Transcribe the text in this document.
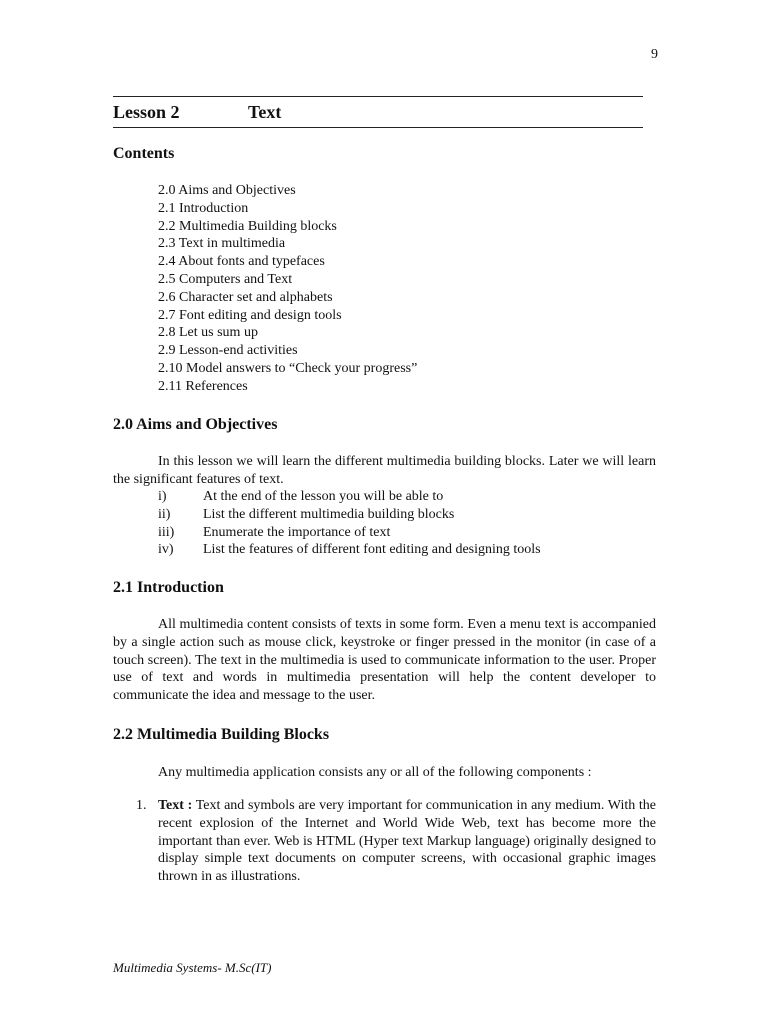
9
Lesson 2	Text
Contents
2.0 Aims and Objectives
2.1 Introduction
2.2 Multimedia Building blocks
2.3 Text in multimedia
2.4 About fonts and typefaces
2.5 Computers and Text
2.6 Character set and alphabets
2.7 Font editing and design tools
2.8 Let us sum up
2.9 Lesson-end activities
2.10 Model answers to “Check your progress”
2.11 References
2.0 Aims and Objectives

In this lesson we will learn the different multimedia building blocks. Later we will learn the significant features of text.

i)	At the end of the lesson you will be able to
ii) List the different multimedia building blocks
iii) Enumerate the importance of text
iv) List the features of different font editing and designing tools
2.1 Introduction

All multimedia content consists of texts in some form. Even a menu text is accompanied by a single action such as mouse click, keystroke or finger pressed in the monitor (in case of a touch screen). The text in the multimedia is used to communicate information to the user. Proper use of text and words in multimedia presentation will help the content developer to communicate the idea and message to the user.

2.2 Multimedia Building Blocks

Any multimedia application consists any or all of the following components :

1. Text : Text and symbols are very important for communication in any medium. With the recent explosion of the Internet and World Wide Web, text has become more the important than ever. Web is HTML (Hyper text Markup language) originally designed to display simple text documents on computer screens, with occasional graphic images thrown in as illustrations.
Multimedia Systems- M.Sc(IT)
